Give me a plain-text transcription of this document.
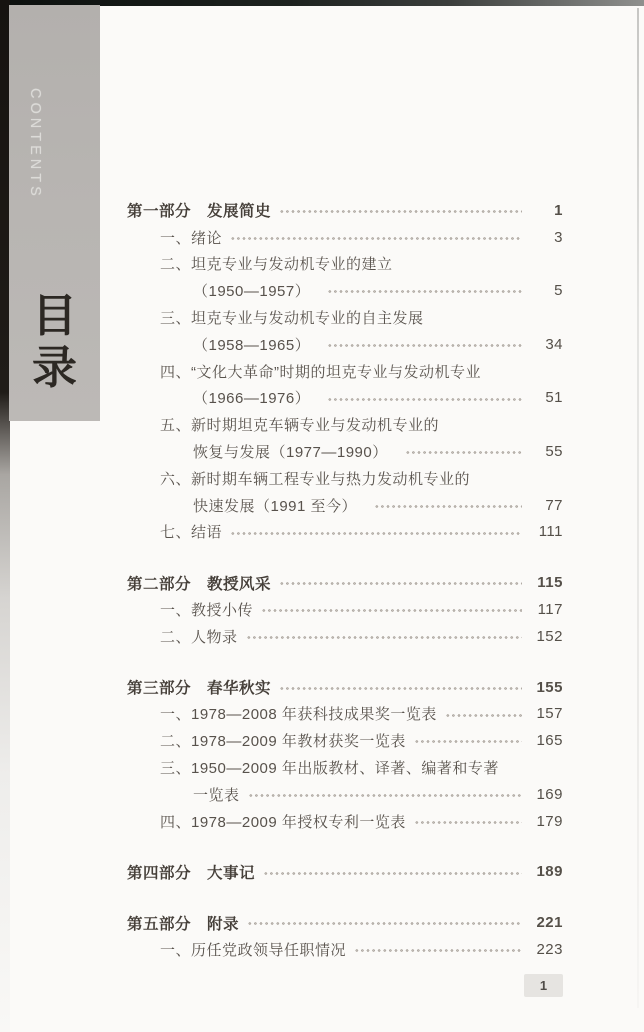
CONTENTS
目
录
第一部分　发展简史	1
一、绪论	3
二、坦克专业与发动机专业的建立
（1950—1957）	5
三、坦克专业与发动机专业的自主发展
（1958—1965）	34
四、“文化大革命”时期的坦克专业与发动机专业
（1966—1976）	51
五、新时期坦克车辆专业与发动机专业的
恢复与发展（1977—1990）	55
六、新时期车辆工程专业与热力发动机专业的
快速发展（1991 至今）	77
七、结语	111
第二部分　教授风采	115
一、教授小传	117
二、人物录	152
第三部分　春华秋实	155
一、1978—2008 年获科技成果奖一览表	157
二、1978—2009 年教材获奖一览表	165
三、1950—2009 年出版教材、译著、编著和专著
一览表	169
四、1978—2009 年授权专利一览表	179
第四部分　大事记	189
第五部分　附录	221
一、历任党政领导任职情况	223
1
